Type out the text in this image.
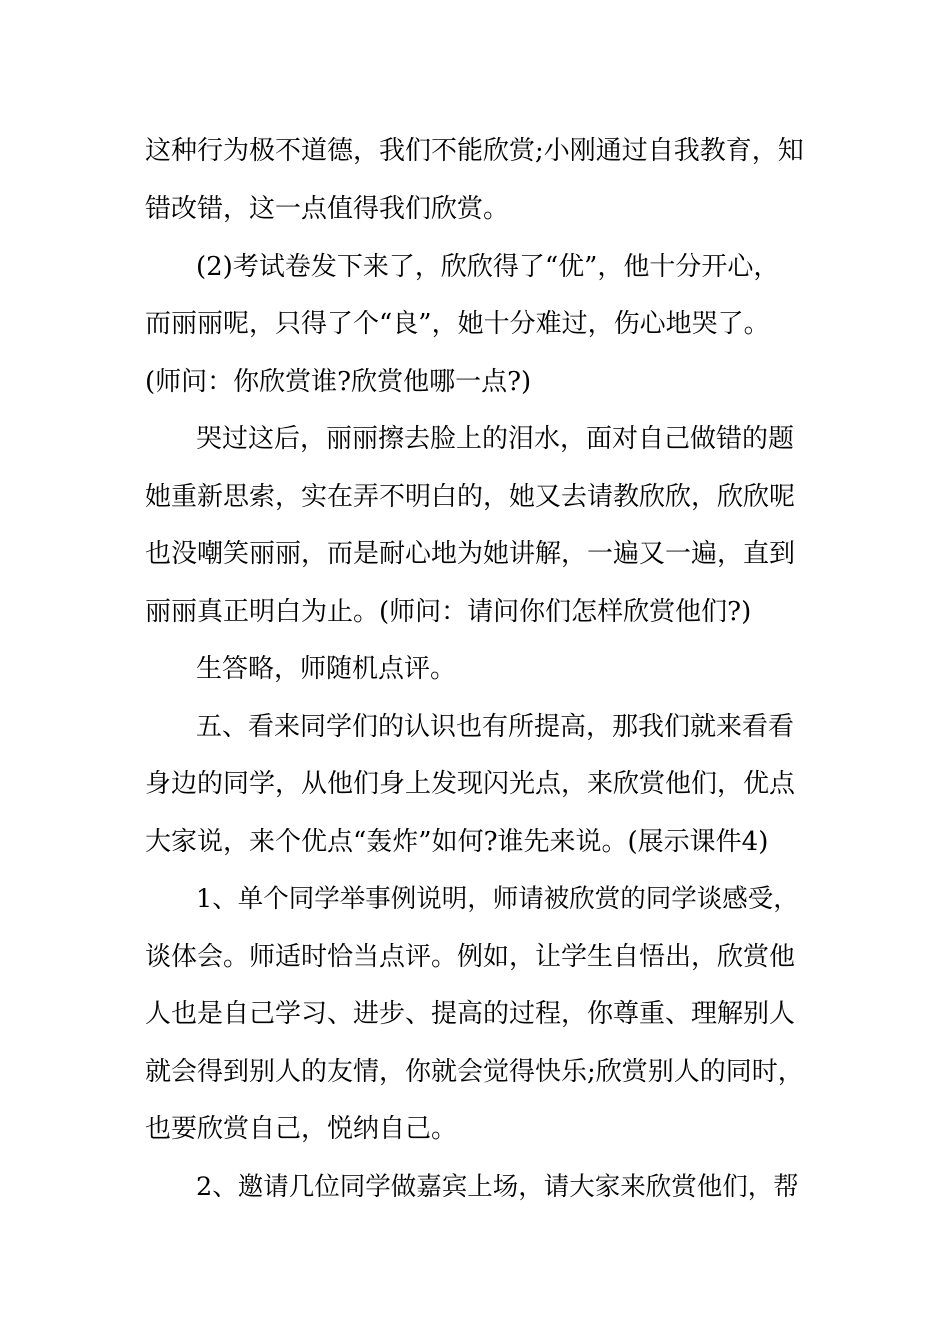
这种行为极不道德，我们不能欣赏;小刚通过自我教育，知
错改错，这一点值得我们欣赏。
(2)考试卷发下来了，欣欣得了“优”，他十分开心，
而丽丽呢，只得了个“良”，她十分难过，伤心地哭了。
(师问：你欣赏谁?欣赏他哪一点?)
哭过这后，丽丽擦去脸上的泪水，面对自己做错的题
她重新思索，实在弄不明白的，她又去请教欣欣，欣欣呢
也没嘲笑丽丽，而是耐心地为她讲解，一遍又一遍，直到
丽丽真正明白为止。(师问：请问你们怎样欣赏他们?)
生答略，师随机点评。
五、看来同学们的认识也有所提高，那我们就来看看
身边的同学，从他们身上发现闪光点，来欣赏他们，优点
大家说，来个优点“轰炸”如何?谁先来说。(展示课件4)
1、单个同学举事例说明，师请被欣赏的同学谈感受，
谈体会。师适时恰当点评。例如，让学生自悟出，欣赏他
人也是自己学习、进步、提高的过程，你尊重、理解别人
就会得到别人的友情，你就会觉得快乐;欣赏别人的同时，
也要欣赏自己，悦纳自己。
2、邀请几位同学做嘉宾上场，请大家来欣赏他们，帮
